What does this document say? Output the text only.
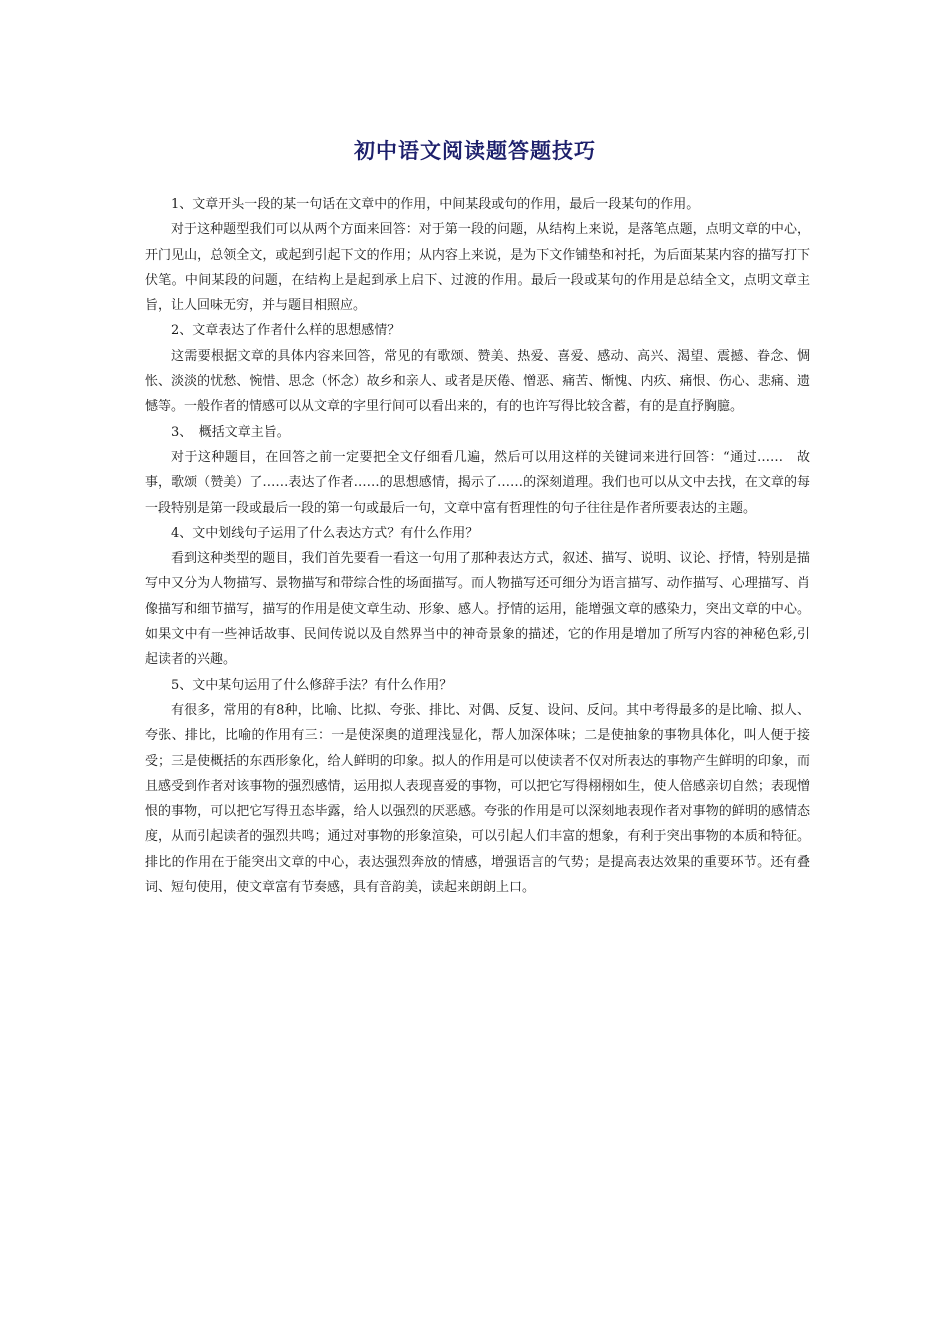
初中语文阅读题答题技巧

1、文章开头一段的某一句话在文章中的作用，中间某段或句的作用，最后一段某句的作用。

对于这种题型我们可以从两个方面来回答：对于第一段的问题，从结构上来说，是落笔点题，点明文章的中心，开门见山，总领全文，或起到引起下文的作用；从内容上来说，是为下文作铺垫和衬托，为后面某某内容的描写打下伏笔。中间某段的问题，在结构上是起到承上启下、过渡的作用。最后一段或某句的作用是总结全文，点明文章主旨，让人回味无穷，并与题目相照应。

2、文章表达了作者什么样的思想感情？

这需要根据文章的具体内容来回答，常见的有歌颂、赞美、热爱、喜爱、感动、高兴、渴望、震撼、眷念、惆怅、淡淡的忧愁、惋惜、思念（怀念）故乡和亲人、或者是厌倦、憎恶、痛苦、惭愧、内疚、痛恨、伤心、悲痛、遗憾等。一般作者的情感可以从文章的字里行间可以看出来的，有的也许写得比较含蓄，有的是直抒胸臆。

3、　概括文章主旨。

对于这种题目，在回答之前一定要把全文仔细看几遍，然后可以用这样的关键词来进行回答：“通过……　故事，歌颂（赞美）了……表达了作者……的思想感情，揭示了……的深刻道理。我们也可以从文中去找，在文章的每一段特别是第一段或最后一段的第一句或最后一句，文章中富有哲理性的句子往往是作者所要表达的主题。

4、文中划线句子运用了什么表达方式？有什么作用？

看到这种类型的题目，我们首先要看一看这一句用了那种表达方式，叙述、描写、说明、议论、抒情，特别是描写中又分为人物描写、景物描写和带综合性的场面描写。而人物描写还可细分为语言描写、动作描写、心理描写、肖像描写和细节描写，描写的作用是使文章生动、形象、感人。抒情的运用，能增强文章的感染力，突出文章的中心。如果文中有一些神话故事、民间传说以及自然界当中的神奇景象的描述，它的作用是增加了所写内容的神秘色彩,引起读者的兴趣。

5、文中某句运用了什么修辞手法？有什么作用？

有很多，常用的有8种，比喻、比拟、夸张、排比、对偶、反复、设问、反问。其中考得最多的是比喻、拟人、夸张、排比，比喻的作用有三：一是使深奥的道理浅显化，帮人加深体味；二是使抽象的事物具体化，叫人便于接受；三是使概括的东西形象化，给人鲜明的印象。拟人的作用是可以使读者不仅对所表达的事物产生鲜明的印象，而且感受到作者对该事物的强烈感情，运用拟人表现喜爱的事物，可以把它写得栩栩如生，使人倍感亲切自然；表现憎恨的事物，可以把它写得丑态毕露，给人以强烈的厌恶感。夸张的作用是可以深刻地表现作者对事物的鲜明的感情态度，从而引起读者的强烈共鸣；通过对事物的形象渲染，可以引起人们丰富的想象，有利于突出事物的本质和特征。排比的作用在于能突出文章的中心，表达强烈奔放的情感，增强语言的气势；是提高表达效果的重要环节。还有叠词、短句使用，使文章富有节奏感，具有音韵美，读起来朗朗上口。
